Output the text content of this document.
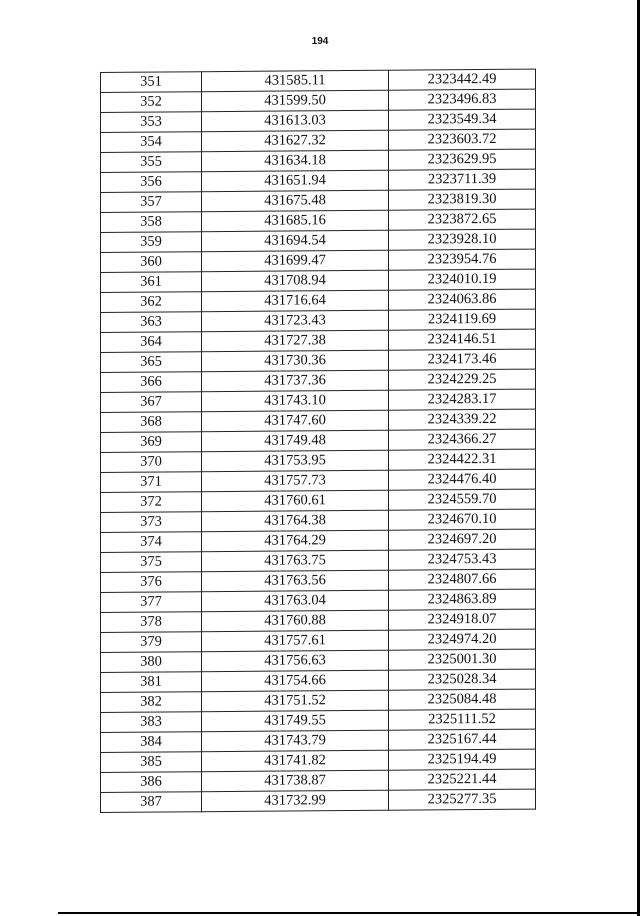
194
351	431585.11	2323442.49
352	431599.50	2323496.83
353	431613.03	2323549.34
354	431627.32	2323603.72
355	431634.18	2323629.95
356	431651.94	2323711.39
357	431675.48	2323819.30
358	431685.16	2323872.65
359	431694.54	2323928.10
360	431699.47	2323954.76
361	431708.94	2324010.19
362	431716.64	2324063.86
363	431723.43	2324119.69
364	431727.38	2324146.51
365	431730.36	2324173.46
366	431737.36	2324229.25
367	431743.10	2324283.17
368	431747.60	2324339.22
369	431749.48	2324366.27
370	431753.95	2324422.31
371	431757.73	2324476.40
372	431760.61	2324559.70
373	431764.38	2324670.10
374	431764.29	2324697.20
375	431763.75	2324753.43
376	431763.56	2324807.66
377	431763.04	2324863.89
378	431760.88	2324918.07
379	431757.61	2324974.20
380	431756.63	2325001.30
381	431754.66	2325028.34
382	431751.52	2325084.48
383	431749.55	2325111.52
384	431743.79	2325167.44
385	431741.82	2325194.49
386	431738.87	2325221.44
387	431732.99	2325277.35
